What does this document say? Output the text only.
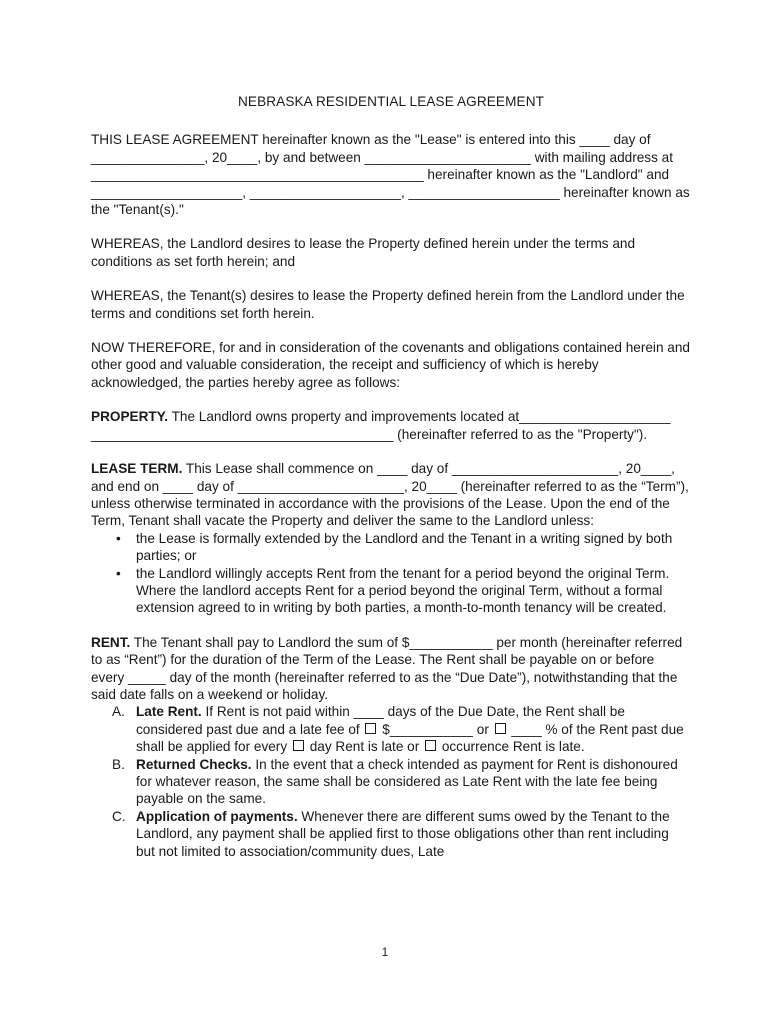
NEBRASKA RESIDENTIAL LEASE AGREEMENT

THIS LEASE AGREEMENT hereinafter known as the "Lease" is entered into this ____ day of _______________, 20____, by and between ______________________ with mailing address at ____________________________________________ hereinafter known as the "Landlord" and ____________________, ____________________, ____________________ hereinafter known as the "Tenant(s)."

WHEREAS, the Landlord desires to lease the Property defined herein under the terms and conditions as set forth herein; and

WHEREAS, the Tenant(s) desires to lease the Property defined herein from the Landlord under the terms and conditions set forth herein.

NOW THEREFORE, for and in consideration of the covenants and obligations contained herein and other good and valuable consideration, the receipt and sufficiency of which is hereby acknowledged, the parties hereby agree as follows:

PROPERTY. The Landlord owns property and improvements located at____________________ ________________________________________ (hereinafter referred to as the "Property").

LEASE TERM. This Lease shall commence on ____ day of ______________________, 20____, and end on ____ day of ______________________, 20____ (hereinafter referred to as the “Term”), unless otherwise terminated in accordance with the provisions of the Lease. Upon the end of the Term, Tenant shall vacate the Property and deliver the same to the Landlord unless:
• the Lease is formally extended by the Landlord and the Tenant in a writing signed by both parties; or
• the Landlord willingly accepts Rent from the tenant for a period beyond the original Term. Where the landlord accepts Rent for a period beyond the original Term, without a formal extension agreed to in writing by both parties, a month-to-month tenancy will be created.
RENT. The Tenant shall pay to Landlord the sum of $___________ per month (hereinafter referred to as “Rent”) for the duration of the Term of the Lease. The Rent shall be payable on or before every _____ day of the month (hereinafter referred to as the “Due Date”), notwithstanding that the said date falls on a weekend or holiday.
A. Late Rent. If Rent is not paid within ____ days of the Due Date, the Rent shall be considered past due and a late fee of  $___________ or  ____ % of the Rent past due shall be applied for every  day Rent is late or  occurrence Rent is late.
B. Returned Checks. In the event that a check intended as payment for Rent is dishonoured for whatever reason, the same shall be considered as Late Rent with the late fee being payable on the same.
C. Application of payments. Whenever there are different sums owed by the Tenant to the Landlord, any payment shall be applied first to those obligations other than rent including but not limited to association/community dues, Late
1
